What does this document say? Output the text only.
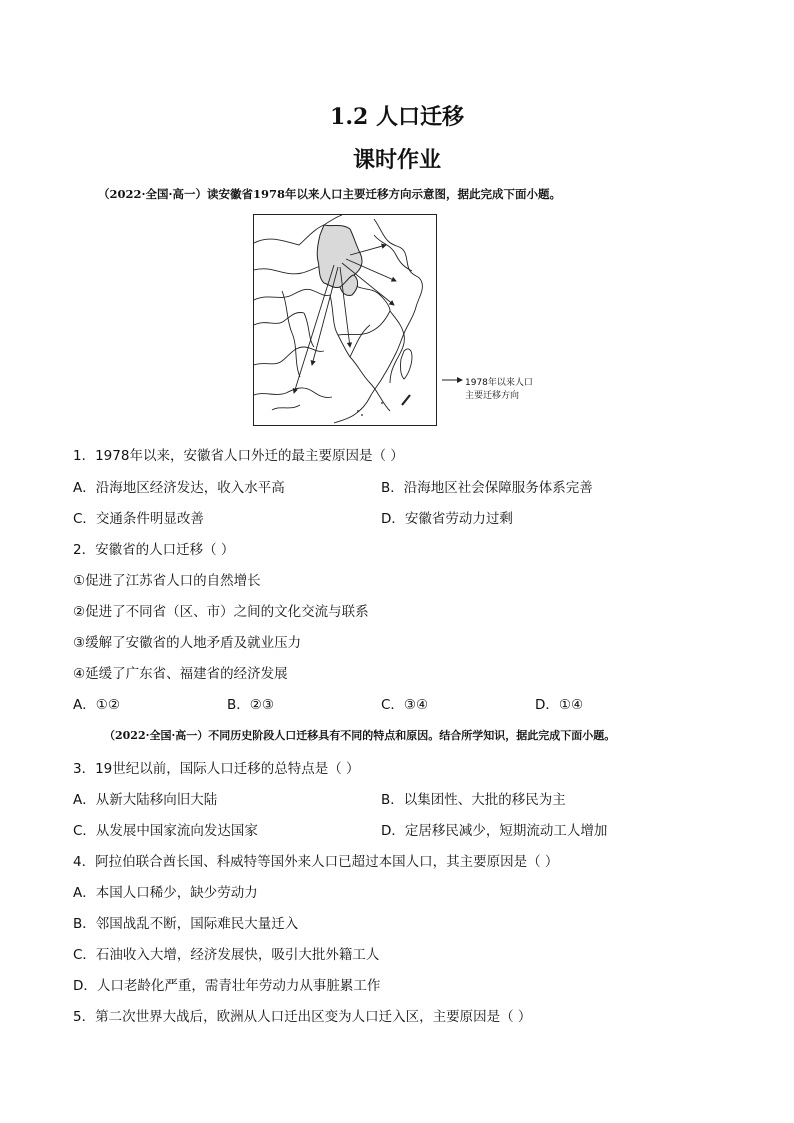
1.2 人口迁移
课时作业
（2022·全国·高一）读安徽省1978年以来人口主要迁移方向示意图，据此完成下面小题。
1978年以来人口
主要迁移方向
1．1978年以来，安徽省人口外迁的最主要原因是（ ）
A．沿海地区经济发达，收入水平高	B．沿海地区社会保障服务体系完善
C．交通条件明显改善	D．安徽省劳动力过剩
2．安徽省的人口迁移（ ）
①促进了江苏省人口的自然增长
②促进了不同省（区、市）之间的文化交流与联系
③缓解了安徽省的人地矛盾及就业压力
④延缓了广东省、福建省的经济发展
A．①②	B．②③	C．③④	D．①④
（2022·全国·高一）不同历史阶段人口迁移具有不同的特点和原因。结合所学知识，据此完成下面小题。
3．19世纪以前，国际人口迁移的总特点是（ ）
A．从新大陆移向旧大陆	B．以集团性、大批的移民为主
C．从发展中国家流向发达国家	D．定居移民减少，短期流动工人增加
4．阿拉伯联合酋长国、科威特等国外来人口已超过本国人口，其主要原因是（ ）
A．本国人口稀少，缺少劳动力
B．邻国战乱不断，国际难民大量迁入
C．石油收入大增，经济发展快，吸引大批外籍工人
D．人口老龄化严重，需青壮年劳动力从事脏累工作
5．第二次世界大战后，欧洲从人口迁出区变为人口迁入区，主要原因是（ ）
